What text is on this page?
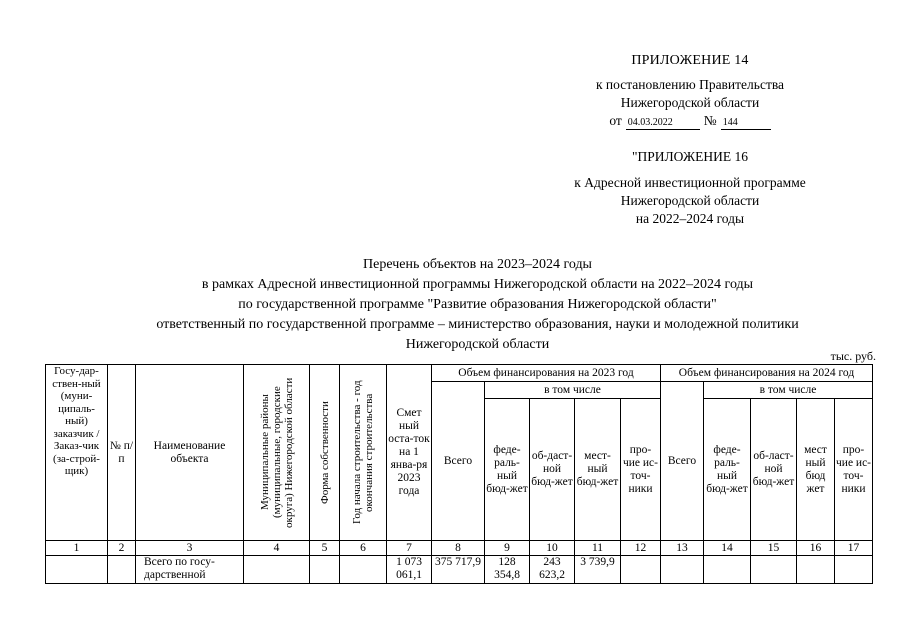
ПРИЛОЖЕНИЕ 14
к постановлению Правительства
Нижегородской области
от 04.03.2022	№ 144
"ПРИЛОЖЕНИЕ 16
к Адресной инвестиционной программе
Нижегородской области
на 2022–2024 годы
Перечень объектов на 2023–2024 годы
в рамках Адресной инвестиционной программы Нижегородской области на 2022–2024 годы
по государственной программе "Развитие образования Нижегородской области"
ответственный по государственной программе – министерство образования, науки и молодежной политики
Нижегородской области
тыс. руб.
Госу-дар-ствен-ный (муни-ципаль-ный) заказчик / Заказ-чик (за-строй-щик)	№ п/п	Наименование объекта	Муниципальные районы (муниципальные, городские округа) Нижегородской области	Форма собственности	Год начала строительства - год окончания строительства	Смет ный оста-ток на 1 янва-ря 2023 года	Объем финансирования на 2023 год					Объем финансирования на 2024 год				
							Всего	в том числе				Всего	в том числе			
								феде-раль-ный бюд-жет	об-даст-ной бюд-жет	мест-ный бюд-жет	про-чие ис-точ-ники		феде-раль-ный бюд-жет	об-ласт-ной бюд-жет	мест ный бюд жет	про-чие ис-точ-ники
1	2	3	4	5	6	7	8	9	10	11	12	13	14	15	16	17
		Всего по госу-дарственной				1 073 061,1	375 717,9	128 354,8	243 623,2	3 739,9						
